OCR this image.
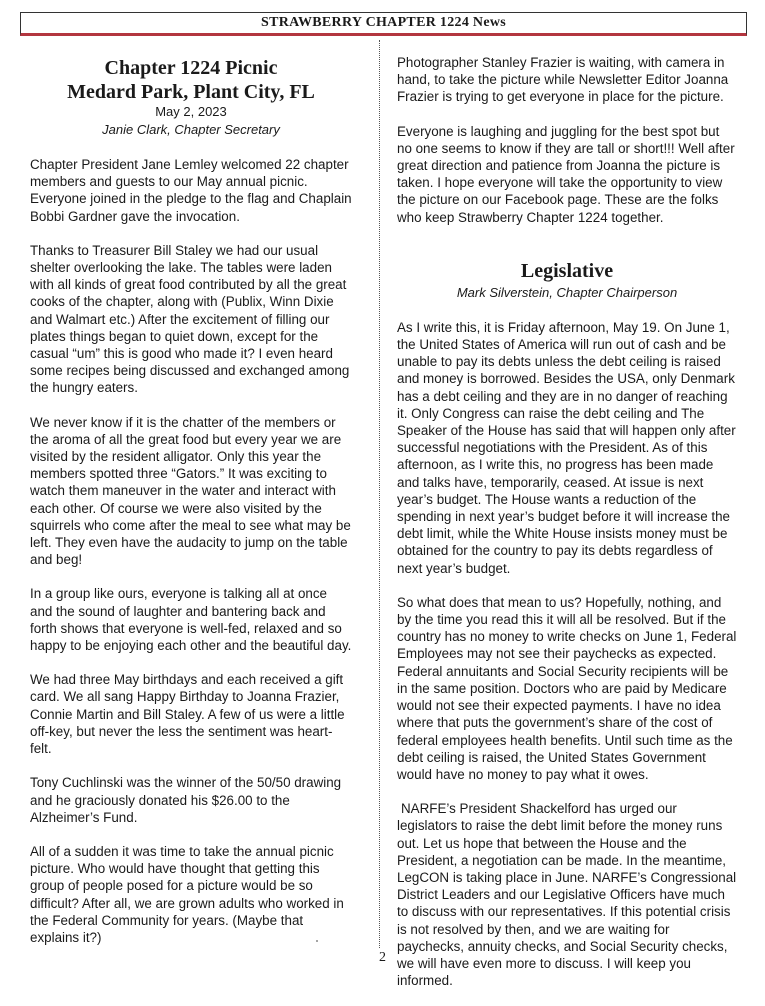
STRAWBERRY CHAPTER 1224 News
Chapter 1224 Picnic
Medard Park, Plant City, FL
May 2, 2023
Janie Clark, Chapter Secretary

Chapter President Jane Lemley welcomed 22 chapter members and guests to our May annual picnic. Everyone joined in the pledge to the flag and Chaplain Bobbi Gardner gave the invocation.

Thanks to Treasurer Bill Staley we had our usual shelter overlooking the lake. The tables were laden with all kinds of great food contributed by all the great cooks of the chapter, along with (Publix, Winn Dixie and Walmart etc.) After the excitement of filling our plates things began to quiet down, except for the casual “um” this is good who made it? I even heard some recipes being discussed and exchanged among the hungry eaters.

We never know if it is the chatter of the members or the aroma of all the great food but every year we are visited by the resident alligator. Only this year the members spotted three “Gators.” It was exciting to watch them maneuver in the water and interact with each other. Of course we were also visited by the squirrels who come after the meal to see what may be left. They even have the audacity to jump on the table and beg!

In a group like ours, everyone is talking all at once and the sound of laughter and bantering back and forth shows that everyone is well-fed, relaxed and so happy to be enjoying each other and the beautiful day.

We had three May birthdays and each received a gift card. We all sang Happy Birthday to Joanna Frazier, Connie Martin and Bill Staley. A few of us were a little off-key, but never the less the sentiment was heart-felt.

Tony Cuchlinski was the winner of the 50/50 drawing and he graciously donated his $26.00 to the Alzheimer’s Fund.

All of a sudden it was time to take the annual picnic picture. Who would have thought that getting this group of people posed for a picture would be so difficult? After all, we are grown adults who worked in the Federal Community for years. (Maybe that explains it?)

Photographer Stanley Frazier is waiting, with camera in hand, to take the picture while Newsletter Editor Joanna Frazier is trying to get everyone in place for the picture.

Everyone is laughing and juggling for the best spot but no one seems to know if they are tall or short!!! Well after great direction and patience from Joanna the picture is taken. I hope everyone will take the opportunity to view the picture on our Facebook page. These are the folks who keep Strawberry Chapter 1224 together.

Legislative
Mark Silverstein, Chapter Chairperson

As I write this, it is Friday afternoon, May 19. On June 1, the United States of America will run out of cash and be unable to pay its debts unless the debt ceiling is raised and money is borrowed. Besides the USA, only Denmark has a debt ceiling and they are in no danger of reaching it. Only Congress can raise the debt ceiling and The Speaker of the House has said that will happen only after successful negotiations with the President. As of this afternoon, as I write this, no progress has been made and talks have, temporarily, ceased. At issue is next year’s budget. The House wants a reduction of the spending in next year’s budget before it will increase the debt limit, while the White House insists money must be obtained for the country to pay its debts regardless of next year’s budget.

So what does that mean to us? Hopefully, nothing, and by the time you read this it will all be resolved. But if the country has no money to write checks on June 1, Federal Employees may not see their paychecks as expected. Federal annuitants and Social Security recipients will be in the same position. Doctors who are paid by Medicare would not see their expected payments. I have no idea where that puts the government’s share of the cost of federal employees health benefits. Until such time as the debt ceiling is raised, the United States Government would have no money to pay what it owes.

NARFE’s President Shackelford has urged our legislators to raise the debt limit before the money runs out. Let us hope that between the House and the President, a negotiation can be made. In the meantime, LegCON is taking place in June. NARFE’s Congressional District Leaders and our Legislative Officers have much to discuss with our representatives. If this potential crisis is not resolved by then, and we are waiting for paychecks, annuity checks, and Social Security checks, we will have even more to discuss. I will keep you informed.

2
